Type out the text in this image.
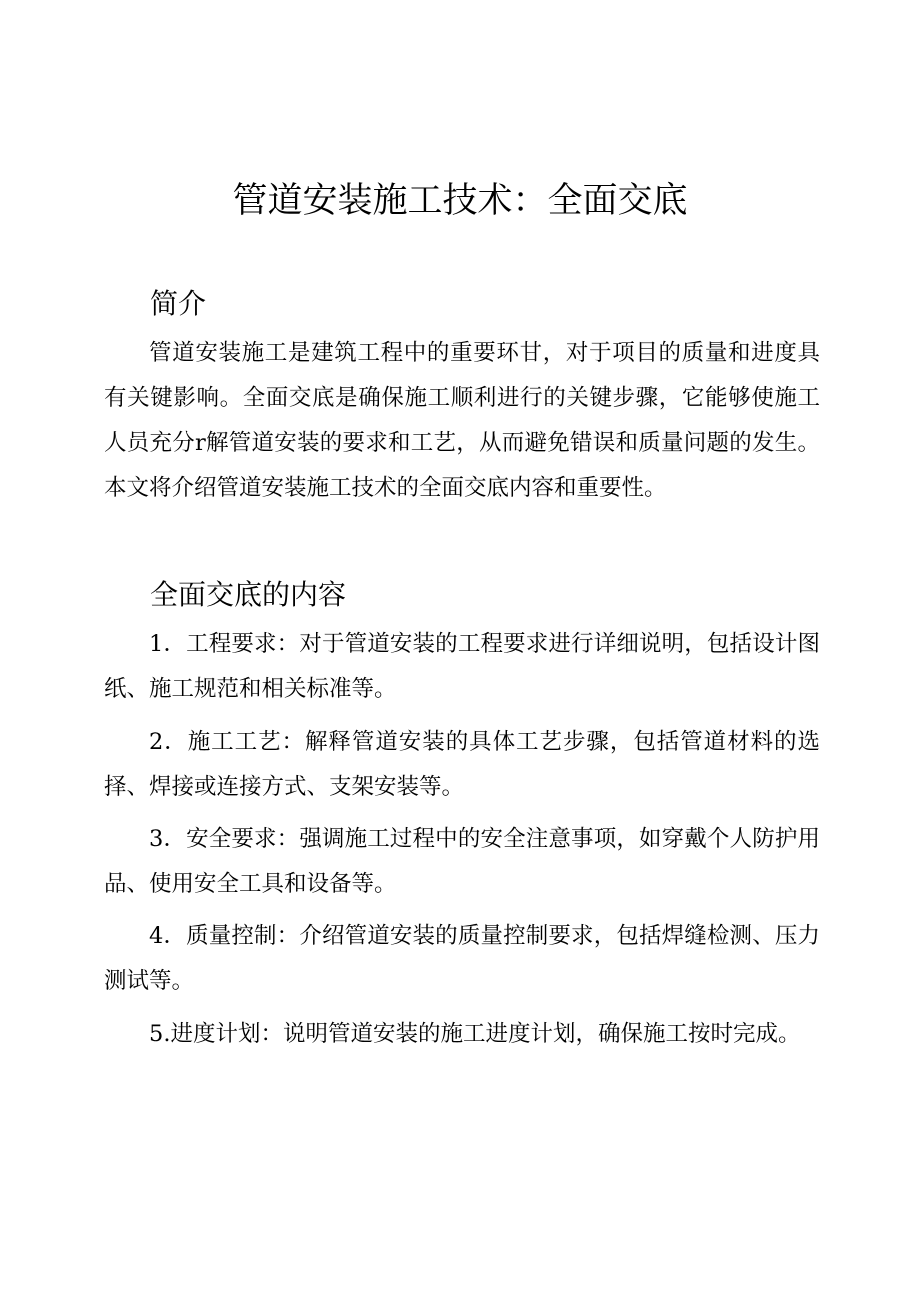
管道安装施工技术：全面交底
简介

管道安装施工是建筑工程中的重要环甘，对于项目的质量和进度具有关键影响。全面交底是确保施工顺利进行的关键步骤，它能够使施工人员充分r解管道安装的要求和工艺，从而避免错误和质量问题的发生。本文将介绍管道安装施工技术的全面交底内容和重要性。

全面交底的内容

1．工程要求：对于管道安装的工程要求进行详细说明，包括设计图纸、施工规范和相关标准等。

2．施工工艺：解释管道安装的具体工艺步骤，包括管道材料的选择、焊接或连接方式、支架安装等。

3．安全要求：强调施工过程中的安全注意事项，如穿戴个人防护用品、使用安全工具和设备等。

4．质量控制：介绍管道安装的质量控制要求，包括焊缝检测、压力测试等。

5.进度计划：说明管道安装的施工进度计划，确保施工按时完成。
